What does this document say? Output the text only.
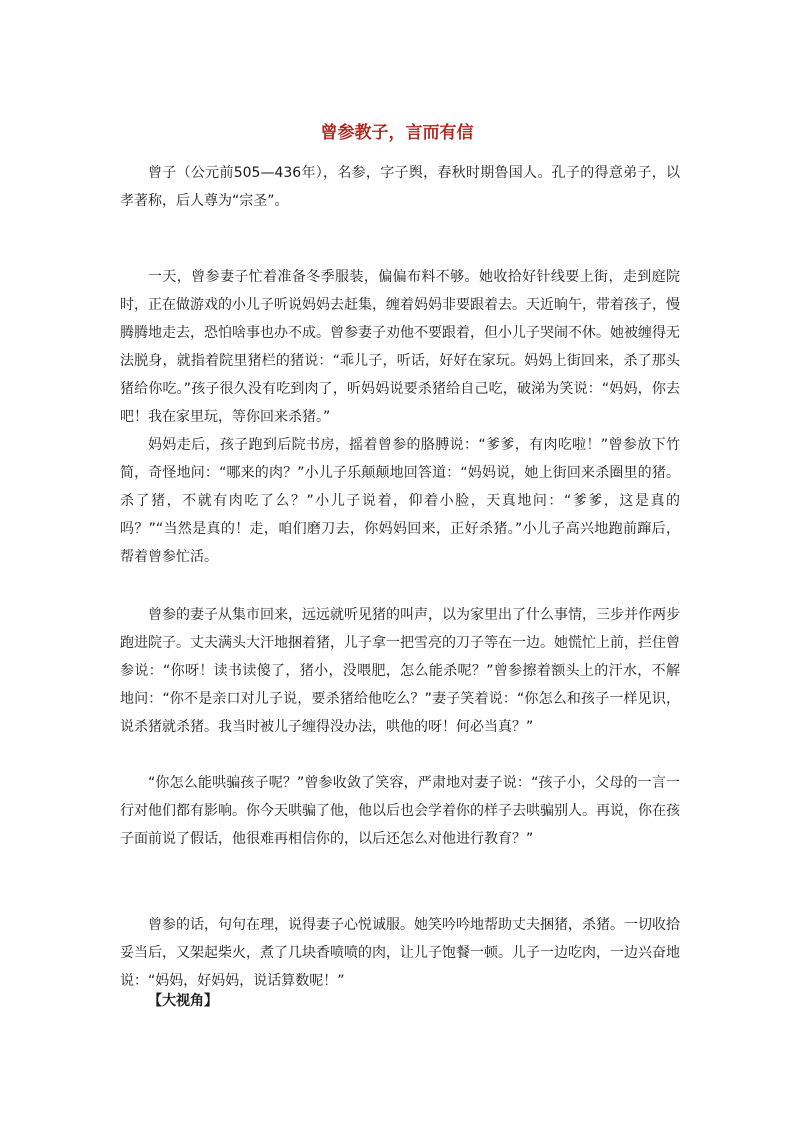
曾参教子，言而有信

曾子（公元前505—436年），名参，字子舆，春秋时期鲁国人。孔子的得意弟子，以孝著称，后人尊为“宗圣”。

一天，曾参妻子忙着准备冬季服装，偏偏布料不够。她收拾好针线要上街，走到庭院时，正在做游戏的小儿子听说妈妈去赶集，缠着妈妈非要跟着去。天近晌午，带着孩子，慢腾腾地走去，恐怕啥事也办不成。曾参妻子劝他不要跟着，但小儿子哭闹不休。她被缠得无法脱身，就指着院里猪栏的猪说：“乖儿子，听话，好好在家玩。妈妈上街回来，杀了那头猪给你吃。”孩子很久没有吃到肉了，听妈妈说要杀猪给自己吃，破涕为笑说：“妈妈，你去吧！我在家里玩，等你回来杀猪。”

妈妈走后，孩子跑到后院书房，摇着曾参的胳膊说：“爹爹，有肉吃啦！”曾参放下竹简，奇怪地问：“哪来的肉？”小儿子乐颠颠地回答道：“妈妈说，她上街回来杀圈里的猪。杀了猪，不就有肉吃了么？”小儿子说着，仰着小脸，天真地问：“爹爹，这是真的吗？”“当然是真的！走，咱们磨刀去，你妈妈回来，正好杀猪。”小儿子高兴地跑前蹿后，帮着曾参忙活。

曾参的妻子从集市回来，远远就听见猪的叫声，以为家里出了什么事情，三步并作两步跑进院子。丈夫满头大汗地捆着猪，儿子拿一把雪亮的刀子等在一边。她慌忙上前，拦住曾参说：“你呀！读书读傻了，猪小，没喂肥，怎么能杀呢？”曾参擦着额头上的汗水，不解地问：“你不是亲口对儿子说，要杀猪给他吃么？”妻子笑着说：“你怎么和孩子一样见识，说杀猪就杀猪。我当时被儿子缠得没办法，哄他的呀！何必当真？”

“你怎么能哄骗孩子呢？”曾参收敛了笑容，严肃地对妻子说：“孩子小，父母的一言一行对他们都有影响。你今天哄骗了他，他以后也会学着你的样子去哄骗别人。再说，你在孩子面前说了假话，他很难再相信你的，以后还怎么对他进行教育？”

曾参的话，句句在理，说得妻子心悦诚服。她笑吟吟地帮助丈夫捆猪，杀猪。一切收拾妥当后，又架起柴火，煮了几块香喷喷的肉，让儿子饱餐一顿。儿子一边吃肉，一边兴奋地说：“妈妈，好妈妈，说话算数呢！”

【大视角】
